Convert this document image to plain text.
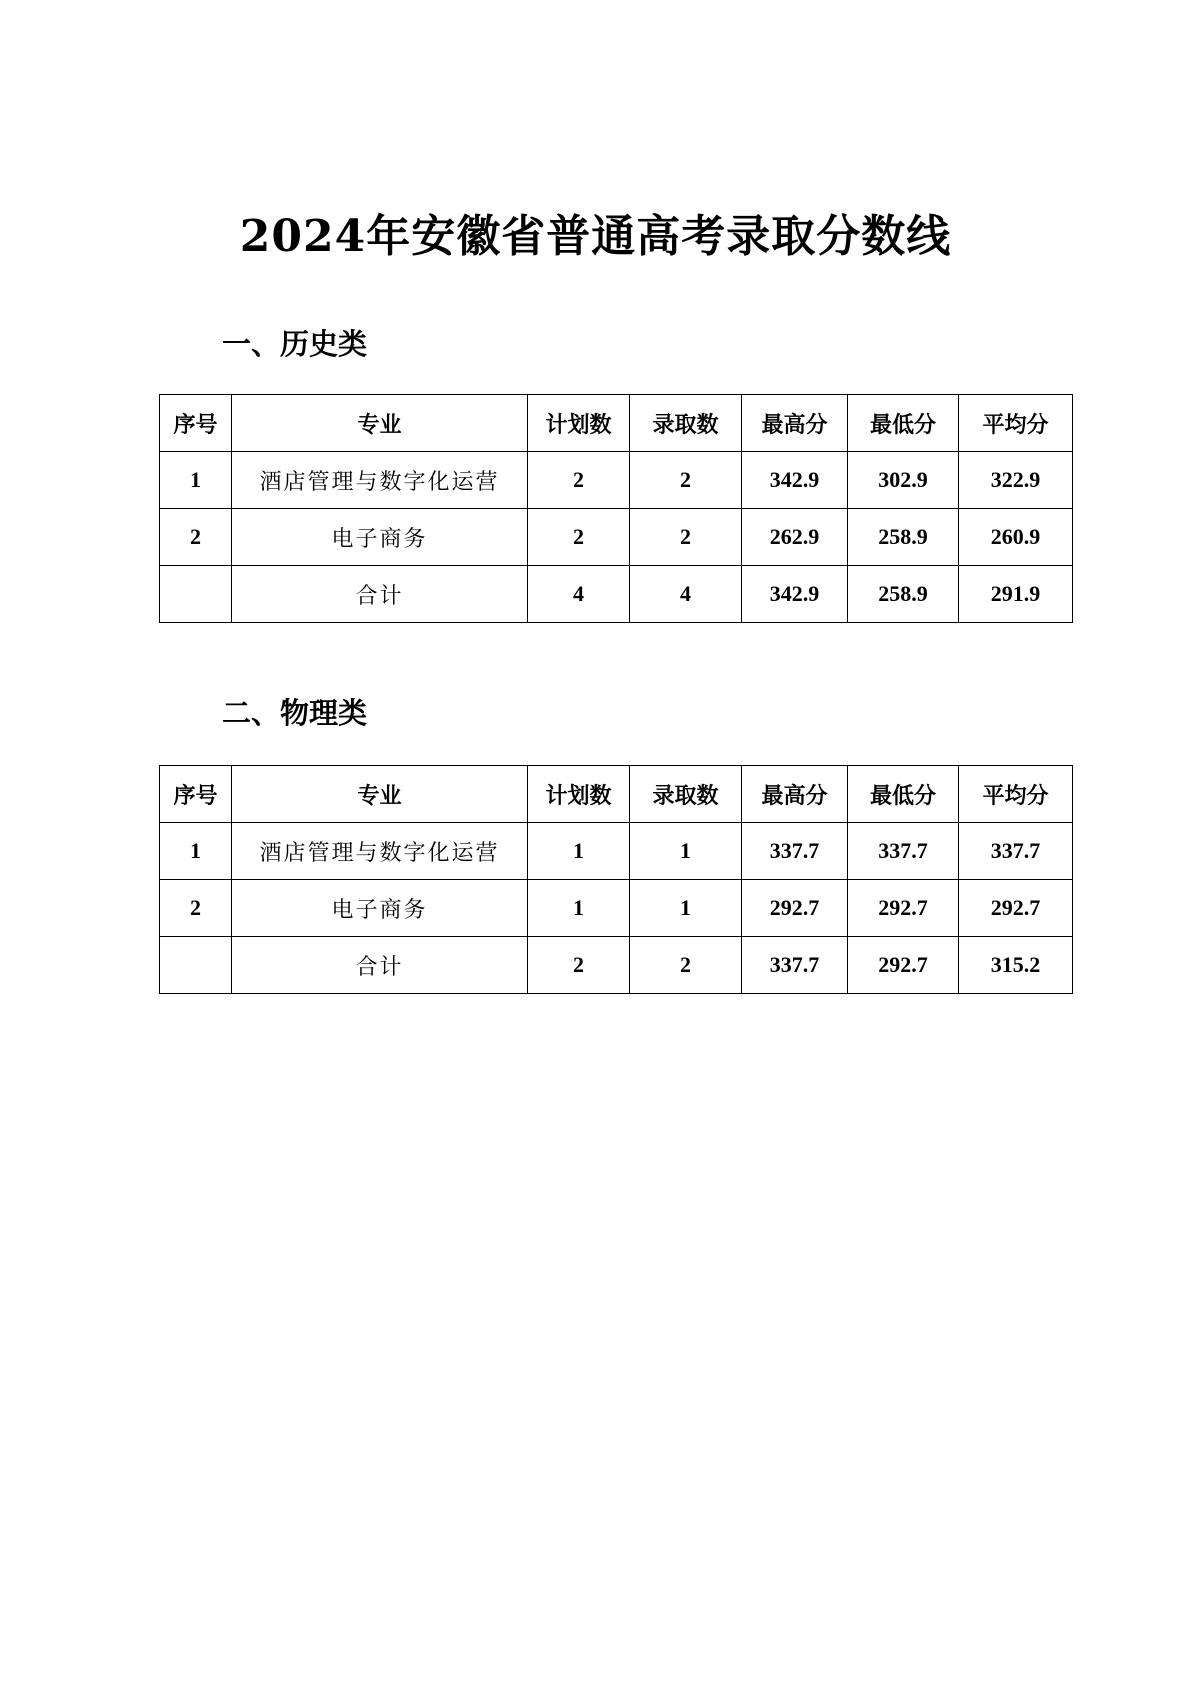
2024年安徽省普通高考录取分数线
一、历史类
序号	专业	计划数	录取数	最高分	最低分	平均分
1	酒店管理与数字化运营	2	2	342.9	302.9	322.9
2	电子商务	2	2	262.9	258.9	260.9
	合计	4	4	342.9	258.9	291.9
二、物理类
序号	专业	计划数	录取数	最高分	最低分	平均分
1	酒店管理与数字化运营	1	1	337.7	337.7	337.7
2	电子商务	1	1	292.7	292.7	292.7
	合计	2	2	337.7	292.7	315.2
